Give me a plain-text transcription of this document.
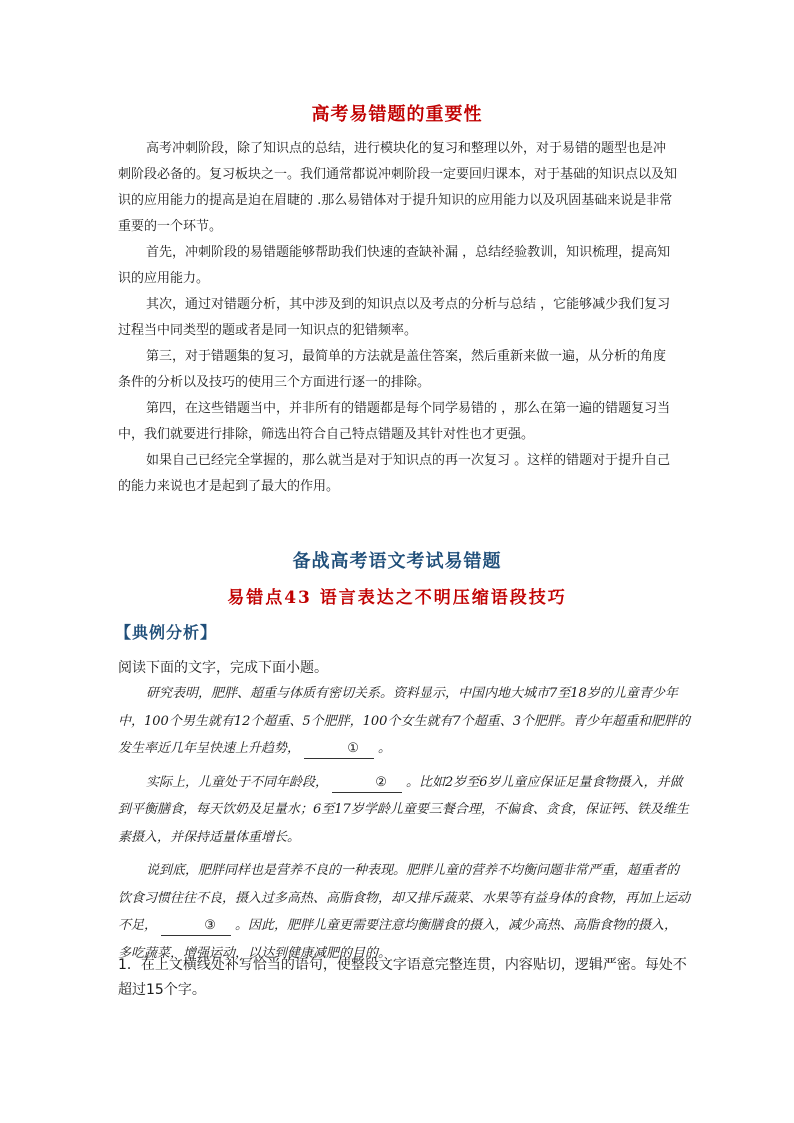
高考易错题的重要性

高考冲刺阶段，除了知识点的总结，进行模块化的复习和整理以外，对于易错的题型也是冲刺阶段必备的。复习板块之一。我们通常都说冲刺阶段一定要回归课本，对于基础的知识点以及知识的应用能力的提高是迫在眉睫的 .那么易错体对于提升知识的应用能力以及巩固基础来说是非常重要的一个环节。

首先，冲刺阶段的易错题能够帮助我们快速的查缺补漏 ，总结经验教训，知识梳理，提高知识的应用能力。

其次，通过对错题分析，其中涉及到的知识点以及考点的分析与总结 ，它能够减少我们复习过程当中同类型的题或者是同一知识点的犯错频率。

第三，对于错题集的复习，最简单的方法就是盖住答案，然后重新来做一遍，从分析的角度条件的分析以及技巧的使用三个方面进行逐一的排除。

第四，在这些错题当中，并非所有的错题都是每个同学易错的 ，那么在第一遍的错题复习当中，我们就要进行排除，筛选出符合自己特点错题及其针对性也才更强。

如果自己已经完全掌握的，那么就当是对于知识点的再一次复习 。这样的错题对于提升自己的能力来说也才是起到了最大的作用。

备战高考语文考试易错题
易错点43 语言表达之不明压缩语段技巧
【典例分析】
阅读下面的文字，完成下面小题。

研究表明，肥胖、超重与体质有密切关系。资料显示，中国内地大城市7至18岁的儿童青少年中，100个男生就有12个超重、5个肥胖，100个女生就有7个超重、3个肥胖。青少年超重和肥胖的发生率近几年呈快速上升趋势，	① 。

实际上，儿童处于不同年龄段，	② 。比如2岁至6岁儿童应保证足量食物摄入，并做到平衡膳食，每天饮奶及足量水；6至17岁学龄儿童要三餐合理，不偏食、贪食，保证钙、铁及维生素摄入，并保持适量体重增长。

说到底，肥胖同样也是营养不良的一种表现。肥胖儿童的营养不均衡问题非常严重，超重者的饮食习惯往往不良，摄入过多高热、高脂食物，却又排斥蔬菜、水果等有益身体的食物，再加上运动不足，	③ 。因此，肥胖儿童更需要注意均衡膳食的摄入，减少高热、高脂食物的摄入，多吃蔬菜，增强运动，以达到健康减肥的目的。

1．在上文横线处补写恰当的语句，使整段文字语意完整连贯，内容贴切，逻辑严密。每处不超过15个字。
